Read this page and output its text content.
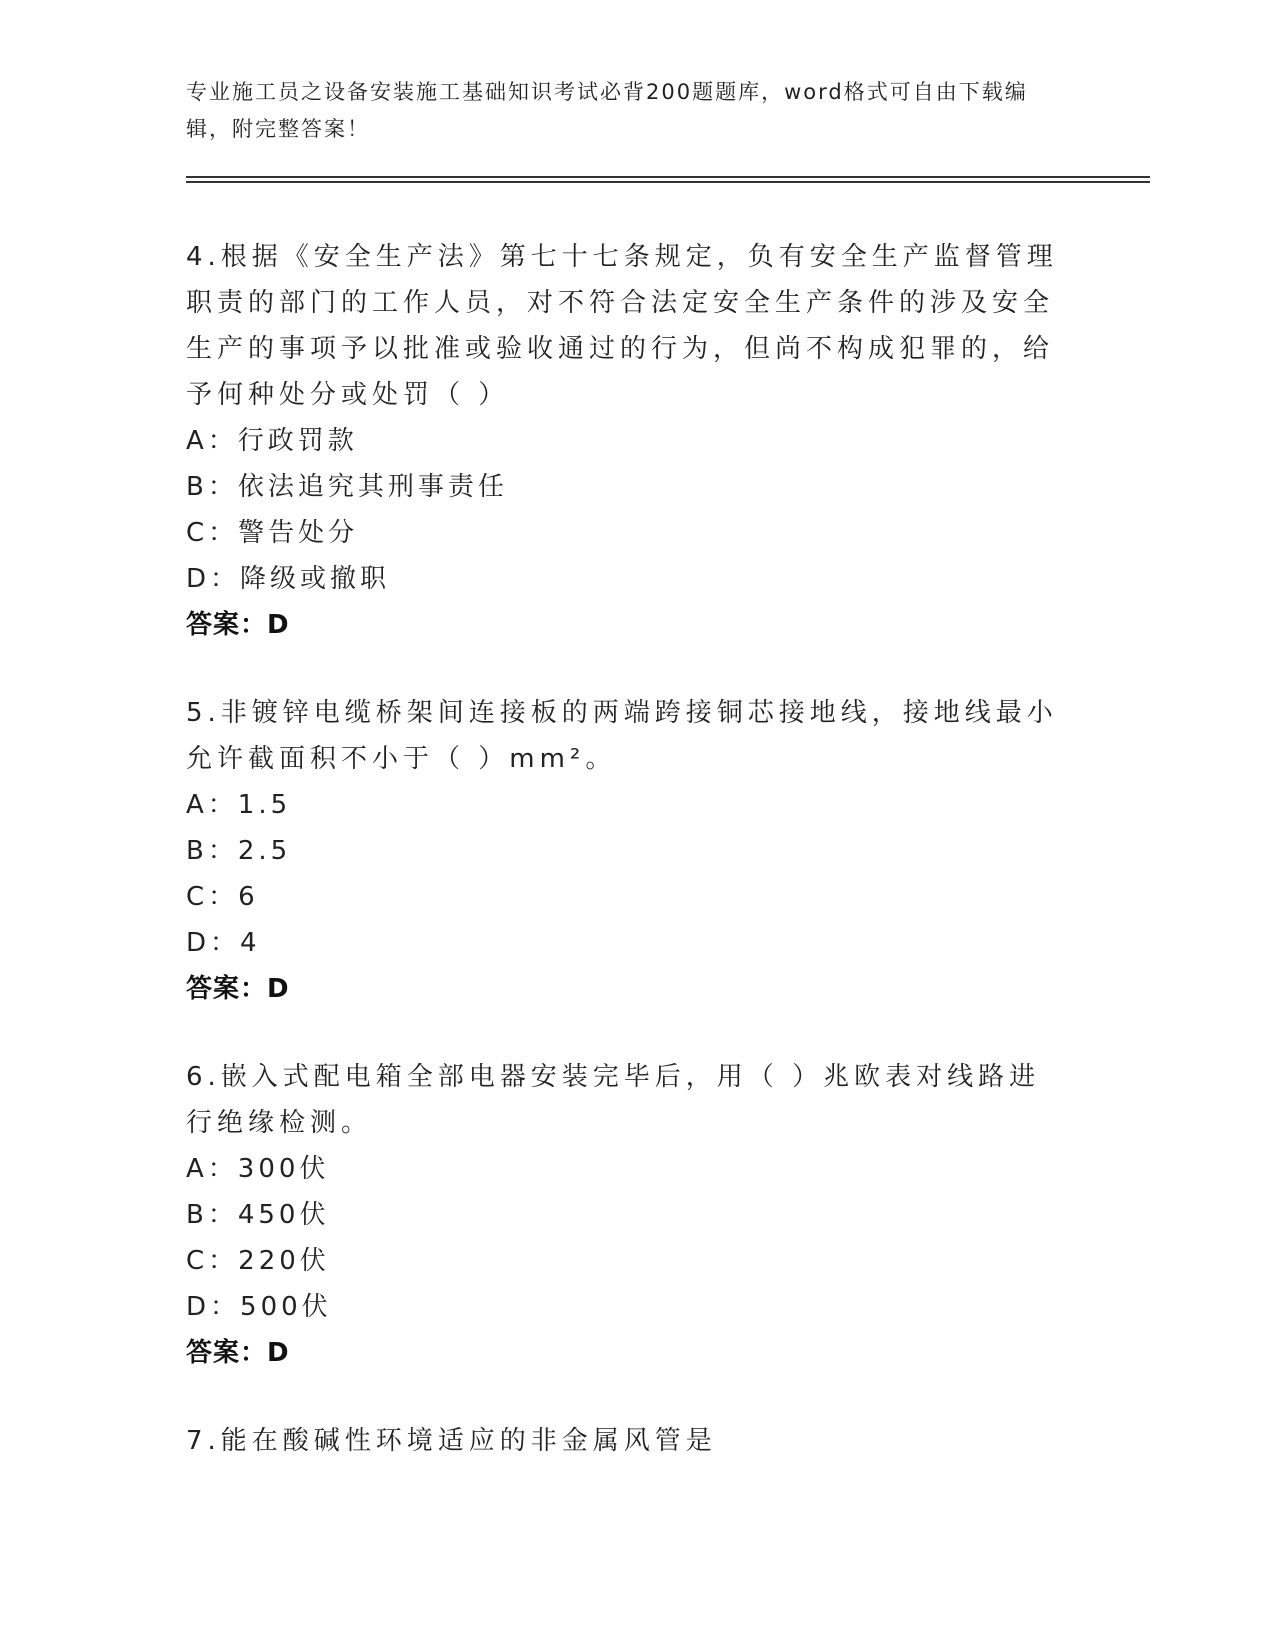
专业施工员之设备安装施工基础知识考试必背200题题库，word格式可自由下载编辑，附完整答案！
4.根据《安全生产法》第七十七条规定，负有安全生产监督管理职责的部门的工作人员，对不符合法定安全生产条件的涉及安全生产的事项予以批准或验收通过的行为，但尚不构成犯罪的，给予何种处分或处罚（ ）
A：行政罚款
B：依法追究其刑事责任
C：警告处分
D：降级或撤职
答案：D
5.非镀锌电缆桥架间连接板的两端跨接铜芯接地线，接地线最小允许截面积不小于（ ）mm²。
A：1.5
B：2.5
C：6
D：4
答案：D
6.嵌入式配电箱全部电器安装完毕后，用（ ）兆欧表对线路进行绝缘检测。
A：300伏
B：450伏
C：220伏
D：500伏
答案：D
7.能在酸碱性环境适应的非金属风管是
